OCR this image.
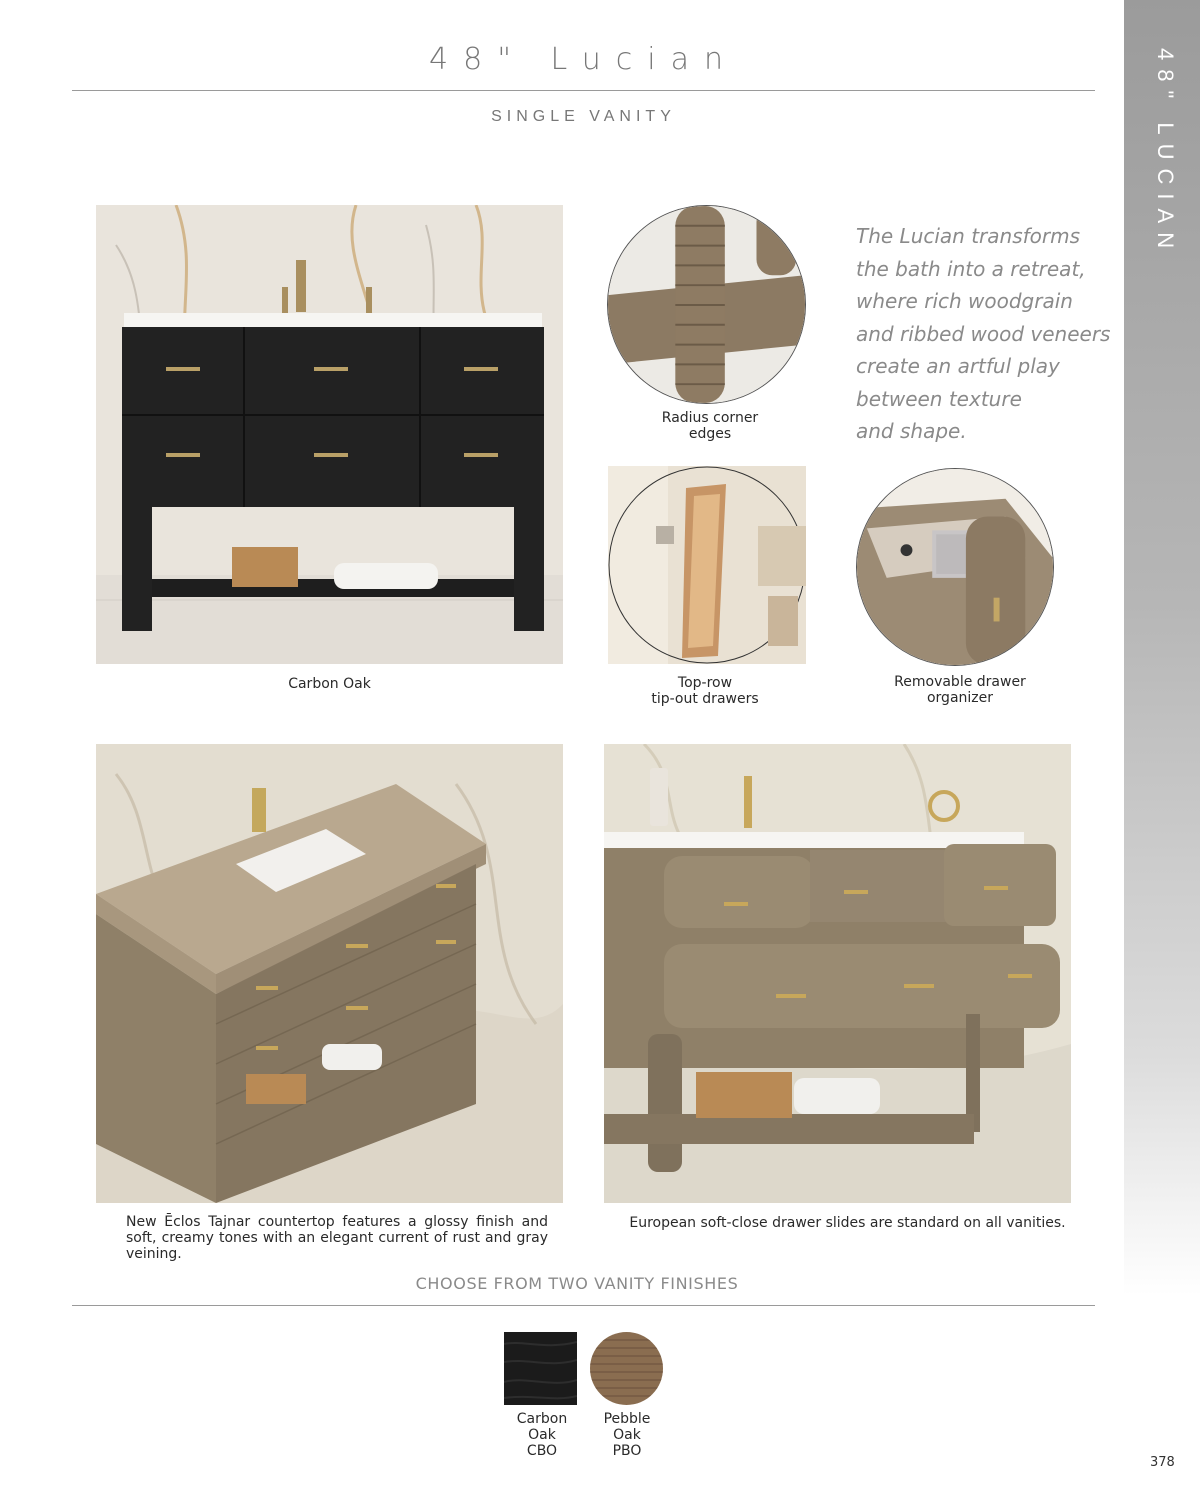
48" Lucian
SINGLE VANITY	48" LUCIAN
Carbon Oak
Radius corner
edges
Top-row
tip-out drawers
Removable drawer
organizer
The Lucian transforms
the bath into a retreat,
where rich woodgrain
and ribbed wood veneers
create an artful play
between texture
and shape.
New Ēclos Tajnar countertop features a glossy finish and soft, creamy tones with an elegant current of rust and gray veining.
European soft-close drawer slides are standard on all vanities.
CHOOSE FROM TWO VANITY FINISHES
Carbon
Oak
CBO
Pebble
Oak
PBO
378
